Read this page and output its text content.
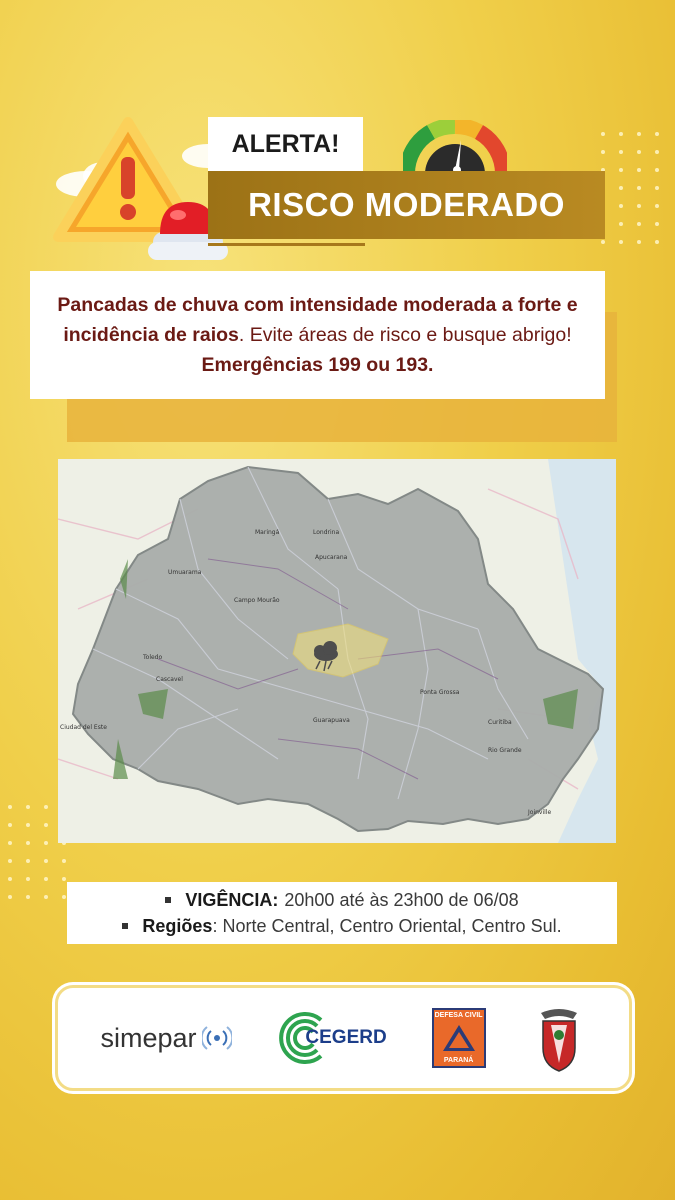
ALERTA!
RISCO MODERADO

Pancadas de chuva com intensidade moderada a forte e incidência de raios. Evite áreas de risco e busque abrigo! Emergências 199 ou 193.

Maringá	Londrina
Apucarana
Umuarama
Campo Mourão
Toledo
Cascavel
Guarapuava
Ponta Grossa
Curitiba
Rio Grande
Joinville
Ciudad del Este
VIGÊNCIA: 20h00 até às 23h00 de 06/08
Regiões : Norte Central, Centro Oriental, Centro Sul.
simepar	CEGERD
DEFESA CIVIL
PARANÁ
